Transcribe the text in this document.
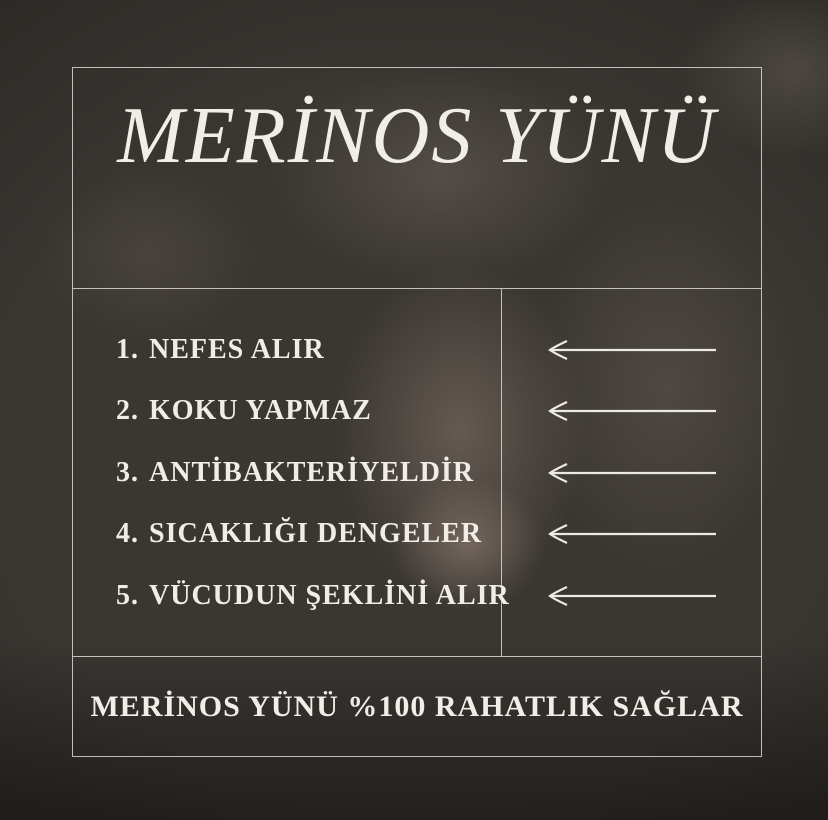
MERİNOS YÜNÜ
1. NEFES ALIR
2. KOKU YAPMAZ
3. ANTİBAKTERİYELDİR
4. SICAKLIĞI DENGELER
5. VÜCUDUN ŞEKLİNİ ALIR
MERİNOS YÜNÜ %100 RAHATLIK SAĞLAR
